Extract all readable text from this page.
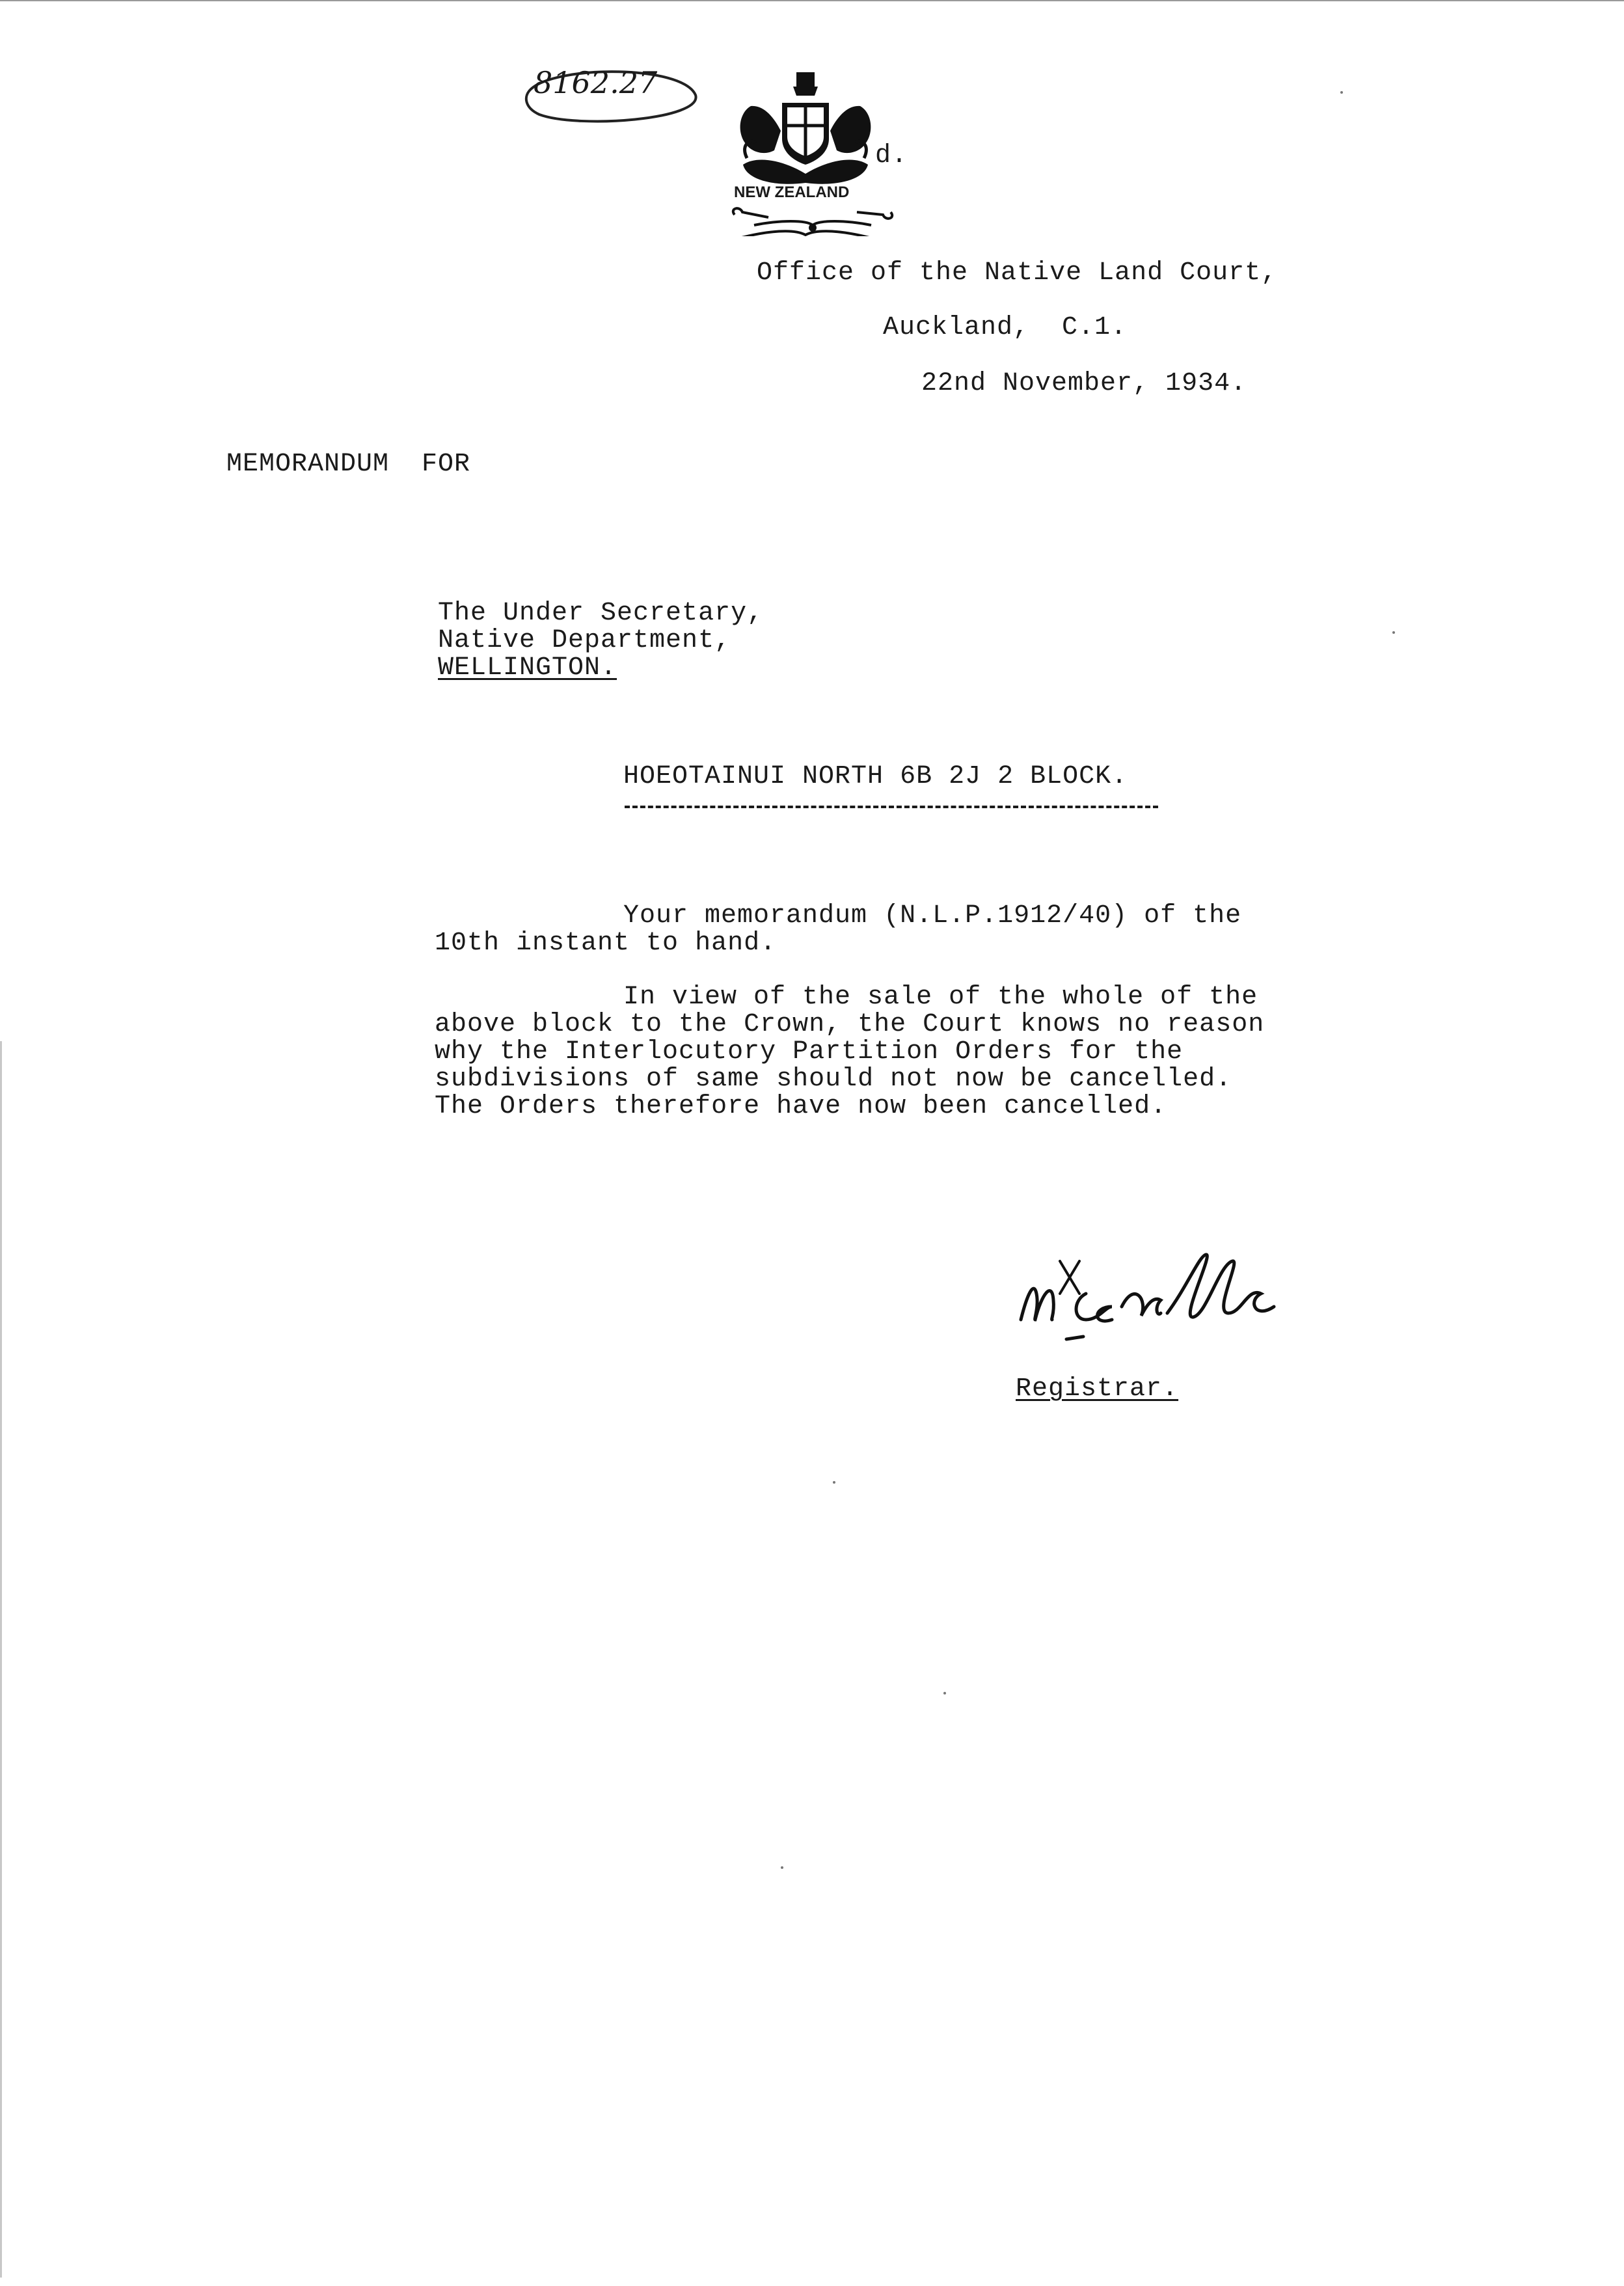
8162.27

d.
NEW ZEALAND

Office of the Native Land Court,
Auckland,  C.1.
22nd November, 1934.
MEMORANDUM  FOR
The Under Secretary,
Native Department,
WELLINGTON.
HOEOTAINUI NORTH 6B 2J 2 BLOCK.
Your memorandum (N.L.P.1912/40) of the
10th instant to hand.
In view of the sale of the whole of the
above block to the Crown, the Court knows no reason
why the Interlocutory Partition Orders for the
subdivisions of same should not now be cancelled.
The Orders therefore have now been cancelled.

Registrar.
